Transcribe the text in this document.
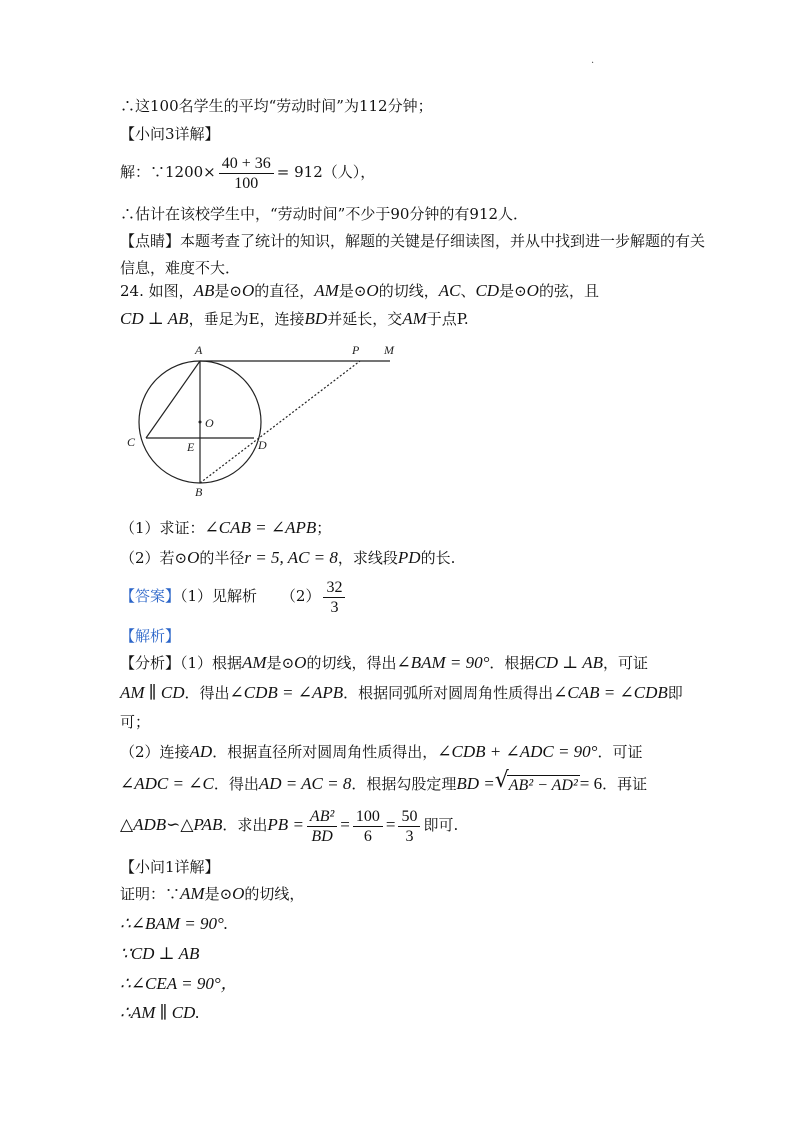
·
∴这100名学生的平均“劳动时间”为112分钟；
【小问3详解】
解：∵1200× $\frac{40 + 36}{100} = 912$（人），
∴估计在该校学生中，“劳动时间”不少于90分钟的有912人．
【点睛】本题考查了统计的知识，解题的关键是仔细读图，并从中找到进一步解题的有关
信息，难度不大．
24. 如图，AB是⊙O的直径，AM是⊙O的切线，AC、CD是⊙O的弦，且
CD ⊥ AB，垂足为E，连接BD并延长，交AM于点P.
A	P M
O
C	E	D
B
（1）求证：∠CAB = ∠APB；
（2）若⊙O的半径r = 5, AC = 8，求线段PD的长.
【答案】（1）见解析 $(2) \frac{32}{3}$
【解析】
【分析】（1）根据AM是⊙O的切线，得出∠BAM = 90°．根据CD ⊥ AB，可证
AM ∥ CD．得出∠CDB = ∠APB．根据同弧所对圆周角性质得出∠CAB = ∠CDB即
可；
（2）连接AD．根据直径所对圆周角性质得出，∠CDB + ∠ADC = 90°．可证
∠ADC = ∠C．得出AD = AC = 8．根据勾股定理BD = √ AB² − AD² = 6．再证
△ADB∽△PAB．求出PB = $\frac{\text{AB²}}{BD} = \frac{100}{6} = \frac{50}{3}$ 即可.
【小问1详解】
证明：∵AM是⊙O的切线，
∴∠BAM = 90°.
∵CD ⊥ AB
∴∠CEA = 90°，
∴AM ∥ CD.
